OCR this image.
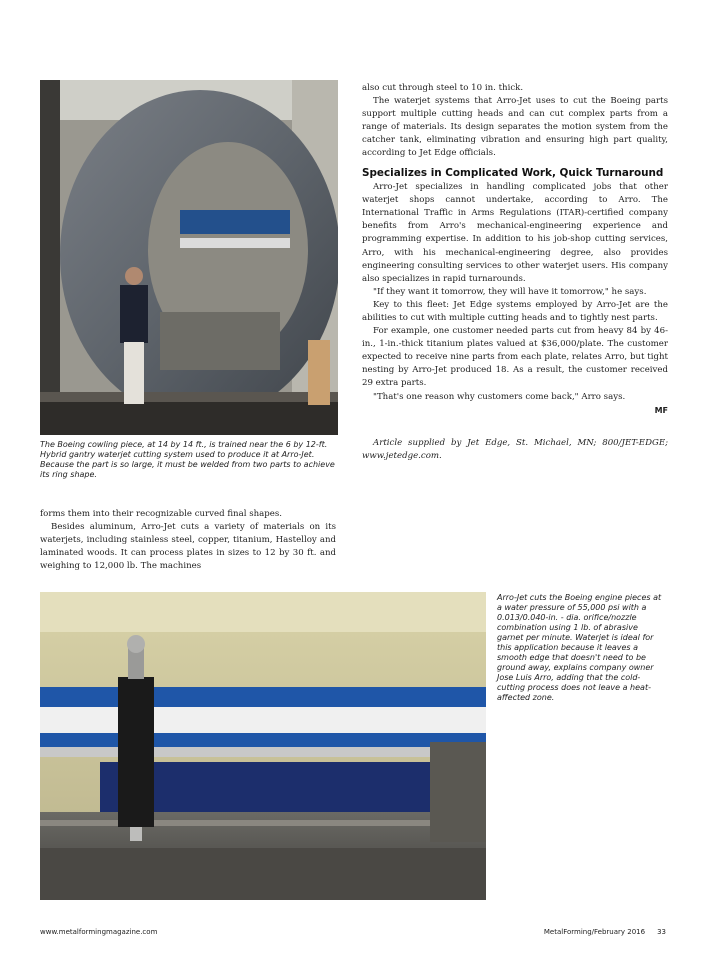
The Boeing cowling piece, at 14 by 14 ft., is trained near the 6 by 12-ft. Hybrid gantry waterjet cutting system used to produce it at Arro-Jet. Because the part is so large, it must be welded from two parts to achieve its ring shape.

forms them into their recognizable curved final shapes.

Besides aluminum, Arro-Jet cuts a variety of materials on its waterjets, including stainless steel, copper, titanium, Hastelloy and laminated woods. It can process plates in sizes to 12 by 30 ft. and weighing to 12,000 lb. The machines

also cut through steel to 10 in. thick.

The waterjet systems that Arro-Jet uses to cut the Boeing parts support multiple cutting heads and can cut complex parts from a range of materials. Its design separates the motion system from the catcher tank, eliminating vibration and ensuring high part quality, according to Jet Edge officials.

Specializes in Complicated Work, Quick Turnaround

Arro-Jet specializes in handling complicated jobs that other waterjet shops cannot undertake, according to Arro. The International Traffic in Arms Regulations (ITAR)-certified company benefits from Arro's mechanical-engineering experience and programming expertise. In addition to his job-shop cutting services, Arro, with his mechanical-engineering degree, also provides engineering consulting services to other waterjet users. His company also specializes in rapid turnarounds.

"If they want it tomorrow, they will have it tomorrow," he says.

Key to this fleet: Jet Edge systems employed by Arro-Jet are the abilities to cut with multiple cutting heads and to tightly nest parts.

For example, one customer needed parts cut from heavy 84 by 46-in., 1-in.-thick titanium plates valued at $36,000/plate. The customer expected to receive nine parts from each plate, relates Arro, but tight nesting by Arro-Jet produced 18. As a result, the customer received 29 extra parts.

"That's one reason why customers come back," Arro says.

MF

Article supplied by Jet Edge, St. Michael, MN; 800/JET-EDGE; www.jetedge.com.

Arro-Jet cuts the Boeing engine pieces at a water pressure of 55,000 psi with a 0.013/0.040-in. - dia. orifice/nozzle combination using 1 lb. of abrasive garnet per minute. Waterjet is ideal for this application because it leaves a smooth edge that doesn't need to be ground away, explains company owner Jose Luis Arro, adding that the cold-cutting process does not leave a heat-affected zone.

www.metalformingmagazine.com	MetalForming/February 2016 33
